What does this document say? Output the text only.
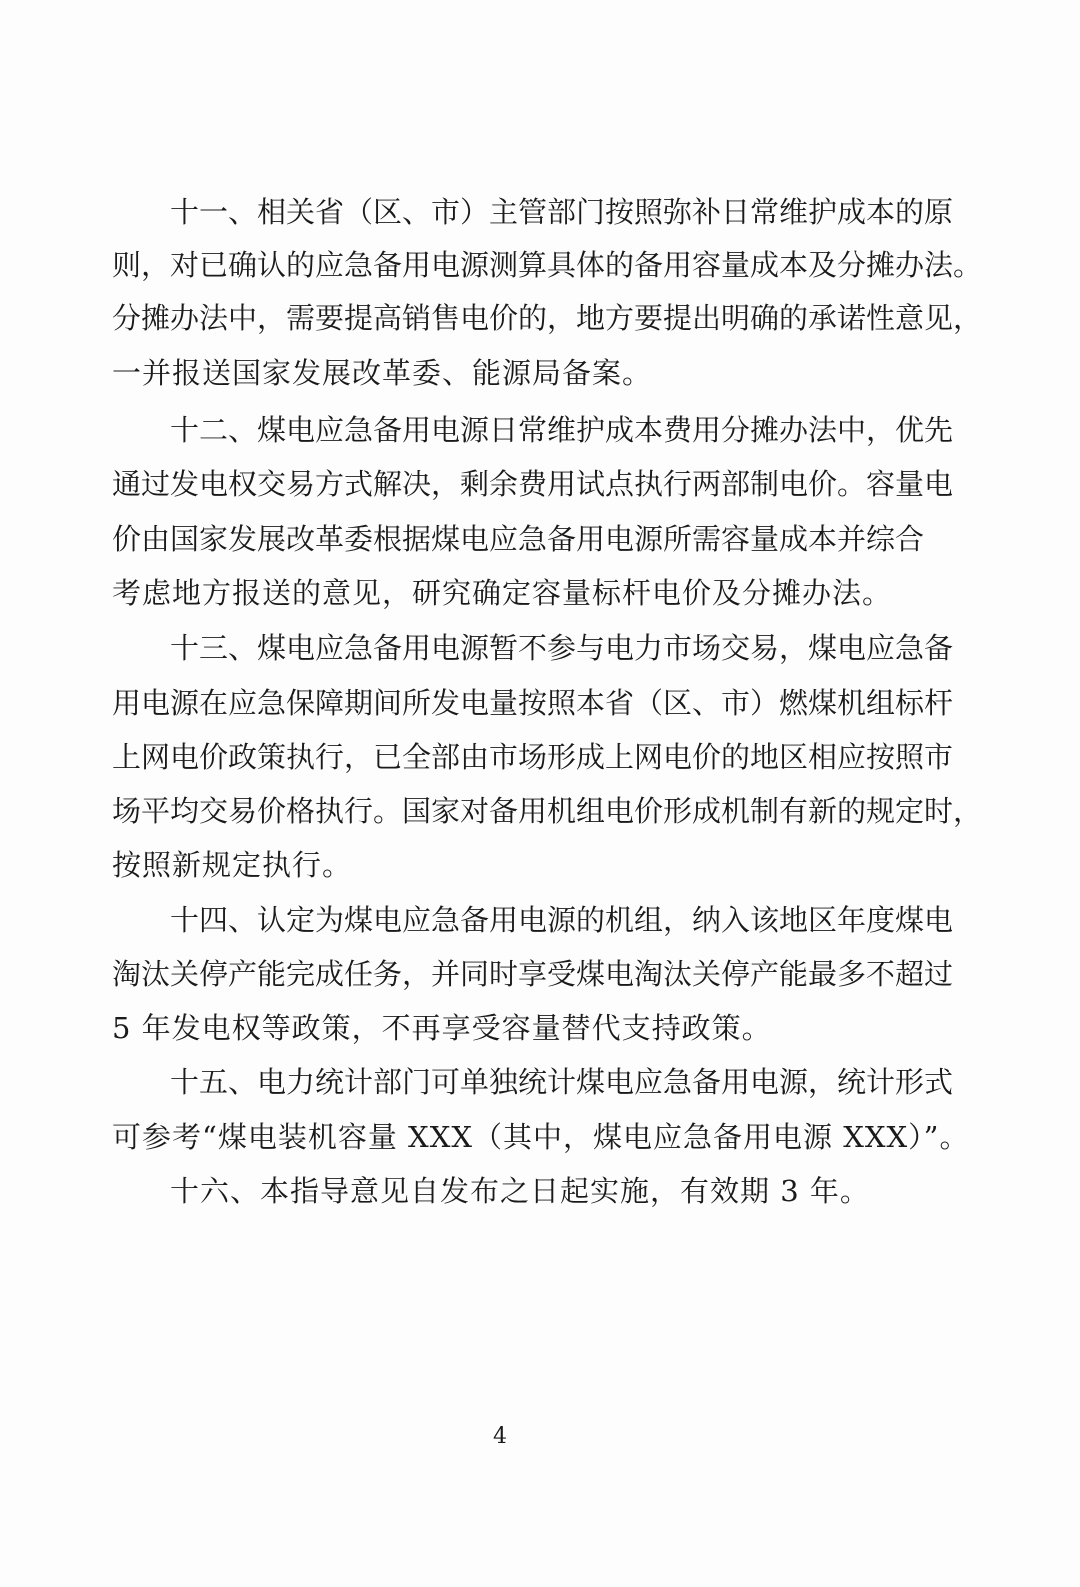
十一、相关省（区、市）主管部门按照弥补日常维护成本的原
则，对已确认的应急备用电源测算具体的备用容量成本及分摊办法。
分摊办法中，需要提高销售电价的，地方要提出明确的承诺性意见，
一并报送国家发展改革委、能源局备案。
十二、煤电应急备用电源日常维护成本费用分摊办法中，优先
通过发电权交易方式解决，剩余费用试点执行两部制电价。容量电
价由国家发展改革委根据煤电应急备用电源所需容量成本并综合
考虑地方报送的意见，研究确定容量标杆电价及分摊办法。
十三、煤电应急备用电源暂不参与电力市场交易，煤电应急备
用电源在应急保障期间所发电量按照本省（区、市）燃煤机组标杆
上网电价政策执行，已全部由市场形成上网电价的地区相应按照市
场平均交易价格执行。国家对备用机组电价形成机制有新的规定时，
按照新规定执行。
十四、认定为煤电应急备用电源的机组，纳入该地区年度煤电
淘汰关停产能完成任务，并同时享受煤电淘汰关停产能最多不超过
5 年发电权等政策，不再享受容量替代支持政策。
十五、电力统计部门可单独统计煤电应急备用电源，统计形式
可参考“煤电装机容量 XXX（其中，煤电应急备用电源 XXX）”。
十六、本指导意见自发布之日起实施，有效期 3 年。
4
